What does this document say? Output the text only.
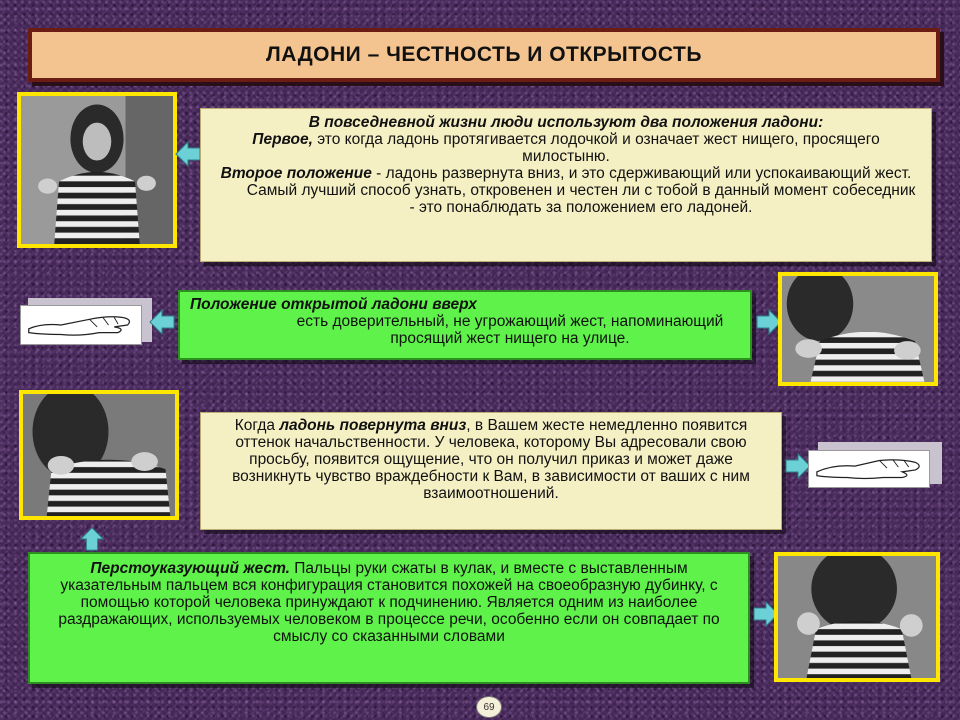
ЛАДОНИ – ЧЕСТНОСТЬ И ОТКРЫТОСТЬ

В повседневной жизни люди используют два положения ладони:

Первое, это когда ладонь протягивается лодочкой и означает жест нищего, просящего милостыню.

Второе положение - ладонь развернута вниз, и это сдерживающий или успокаивающий жест.

Самый лучший способ узнать, откровенен и честен ли с тобой в данный момент собеседник - это понаблюдать за положением его ладоней.

Положение открытой ладони вверх

есть доверительный, не угрожающий жест, напоминающий просящий жест нищего на улице.

Когда ладонь повернута вниз, в Вашем жесте немедленно появится оттенок начальственности. У человека, которому Вы адресовали свою просьбу, появится ощущение, что он получил приказ и может даже возникнуть чувство враждебности к Вам, в зависимости от ваших с ним взаимоотношений.

Перстоуказующий жест. Пальцы руки сжаты в кулак, и вместе с выставленным указательным пальцем вся конфигурация становится похожей на своеобразную дубинку, с помощью которой человека принуждают к подчинению. Является одним из наиболее раздражающих, используемых человеком в процессе речи, особенно если он совпадает по смыслу со сказанными словами

69
